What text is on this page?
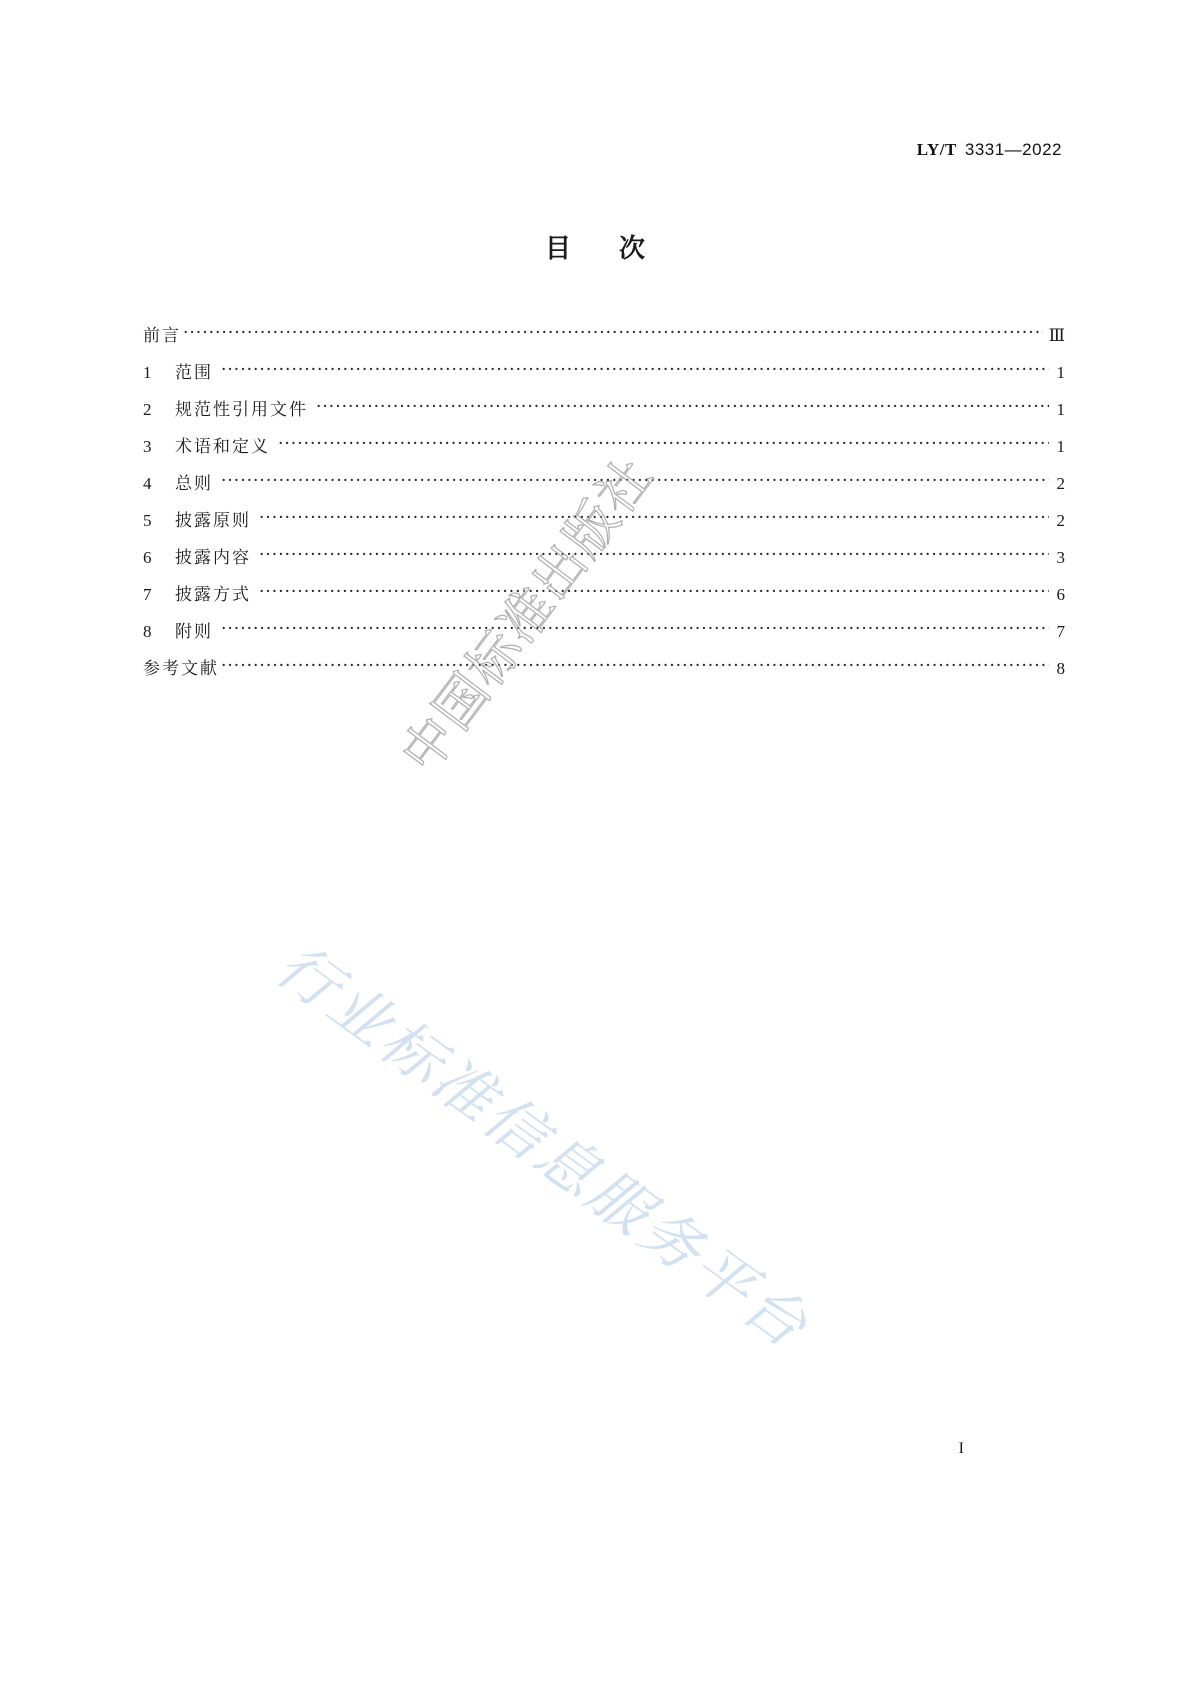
LY/T 3331—2022
目次
前言 ·····	Ⅲ
1	范围 ·····	1
2	规范性引用文件 ·····	1
3	术语和定义 ·····	1
4	总则 ·····	2
5	披露原则 ·····	2
6	披露内容 ·····	3
7	披露方式 ·····	6
8	附则 ·····	7
参考文献 ·····	8
中国标准出版社
行业标准信息服务平台
I
